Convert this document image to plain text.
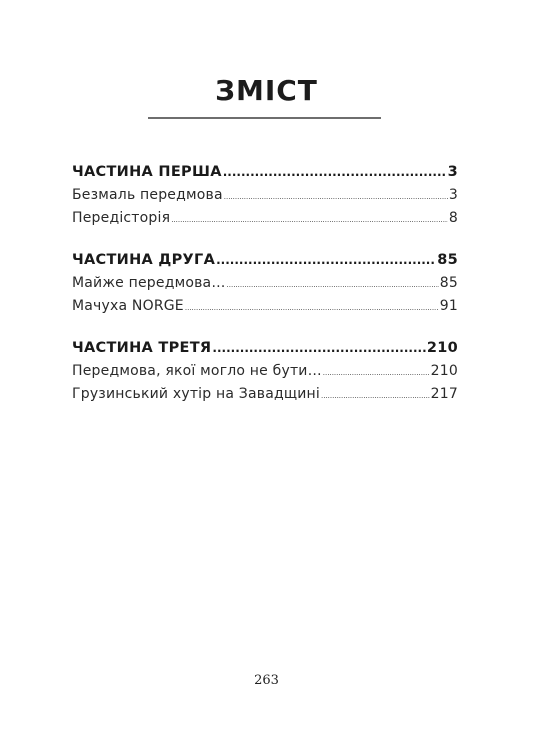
ЗМІСТ
ЧАСТИНА ПЕРША .....	3
Безмаль передмова .....	3
Передісторія .....	8
ЧАСТИНА ДРУГА .....	85
Майже передмова… .....	85
Мачуха NORGE .....	91
ЧАСТИНА ТРЕТЯ .....	210
Передмова, якої могло не бути… .....	210
Грузинський хутір на Завадщині .....	217
263
